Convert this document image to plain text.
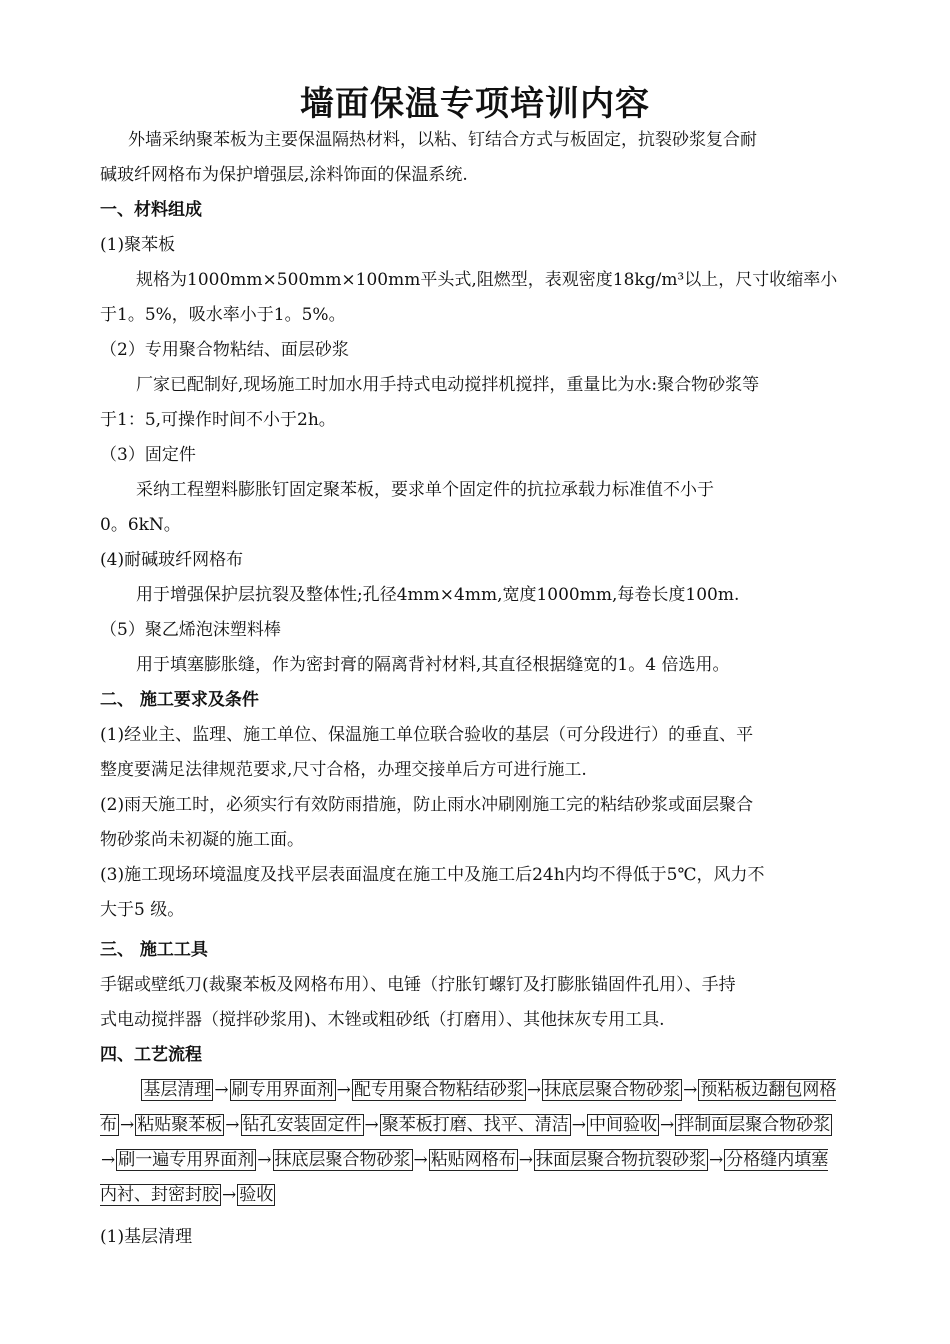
墙面保温专项培训内容
外墙采纳聚苯板为主要保温隔热材料，以粘、钉结合方式与板固定，抗裂砂浆复合耐
碱玻纤网格布为保护增强层,涂料饰面的保温系统.
一、材料组成
(1)聚苯板
规格为1000mm×500mm×100mm平头式,阻燃型，表观密度18kg/m³以上，尺寸收缩率小
于1。5%，吸水率小于1。5%。
（2）专用聚合物粘结、面层砂浆
厂家已配制好,现场施工时加水用手持式电动搅拌机搅拌，重量比为水:聚合物砂浆等
于1：5,可操作时间不小于2h。
（3）固定件
采纳工程塑料膨胀钉固定聚苯板，要求单个固定件的抗拉承载力标准值不小于
0。6kN。
(4)耐碱玻纤网格布
用于增强保护层抗裂及整体性;孔径4mm×4mm,宽度1000mm,每卷长度100m.
（5）聚乙烯泡沫塑料棒
用于填塞膨胀缝，作为密封膏的隔离背衬材料,其直径根据缝宽的1。4 倍选用。
二、 施工要求及条件
(1)经业主、监理、施工单位、保温施工单位联合验收的基层（可分段进行）的垂直、平
整度要满足法律规范要求,尺寸合格，办理交接单后方可进行施工.
(2)雨天施工时，必须实行有效防雨措施，防止雨水冲刷刚施工完的粘结砂浆或面层聚合
物砂浆尚未初凝的施工面。
(3)施工现场环境温度及找平层表面温度在施工中及施工后24h内均不得低于5℃，风力不
大于5 级。
三、 施工工具
手锯或壁纸刀(裁聚苯板及网格布用）、电锤（拧胀钉螺钉及打膨胀锚固件孔用）、手持
式电动搅拌器（搅拌砂浆用)、木锉或粗砂纸（打磨用）、其他抹灰专用工具.
四、工艺流程
基层清理 → 刷专用界面剂 → 配专用聚合物粘结砂浆 → 抹底层聚合物砂浆 → 预粘板边翻包网格布 → 粘贴聚苯板 → 钻孔安装固定件 → 聚苯板打磨、找平、清洁 → 中间验收 → 拌制面层聚合物砂浆→ 刷一遍专用界面剂 → 抹底层聚合物砂浆 → 粘贴网格布 → 抹面层聚合物抗裂砂浆 → 分格缝内填塞内衬、封密封胶 → 验收
(1)基层清理
